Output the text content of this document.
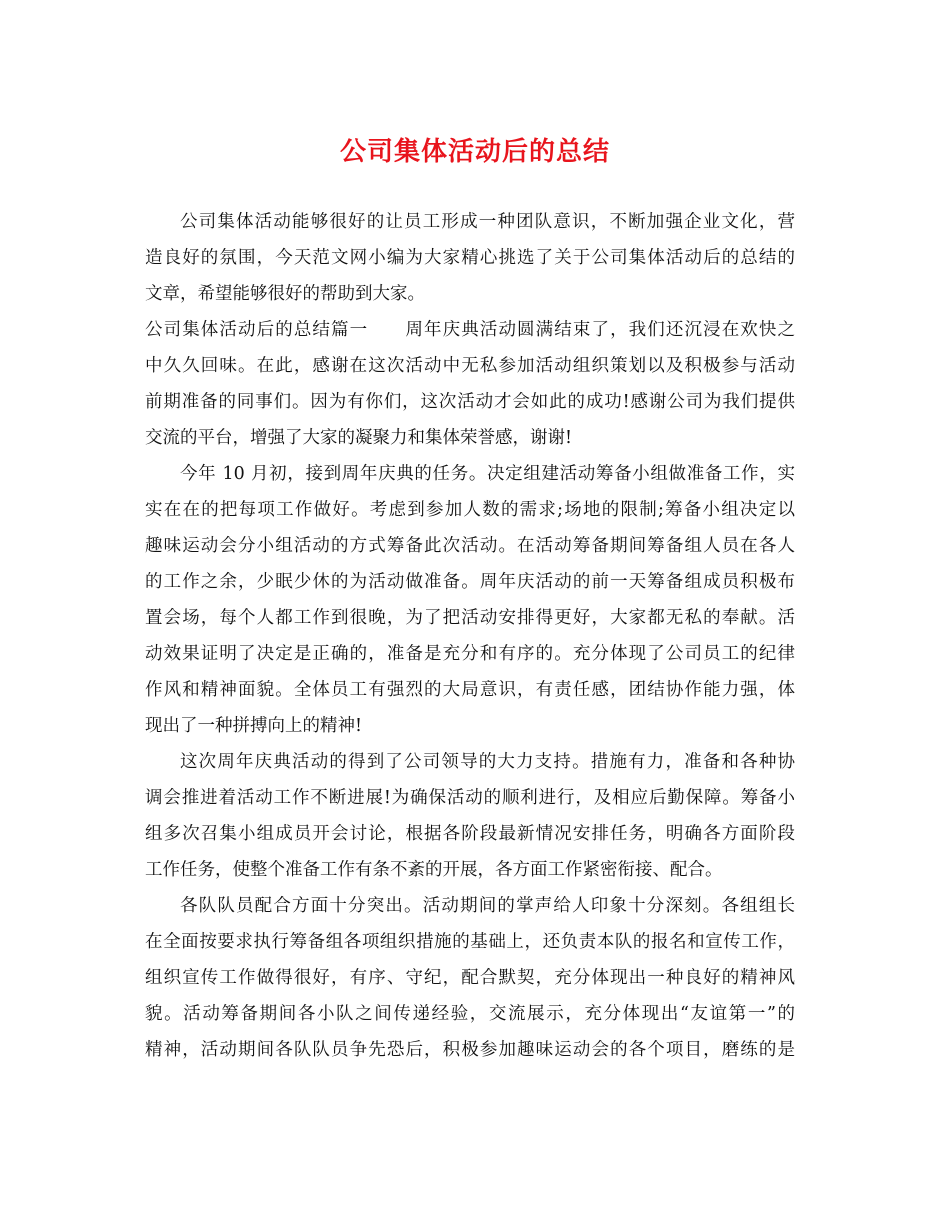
公司集体活动后的总结
公司集体活动能够很好的让员工形成一种团队意识，不断加强企业文化，营
造良好的氛围，今天范文网小编为大家精心挑选了关于公司集体活动后的总结的
文章，希望能够很好的帮助到大家。
公司集体活动后的总结篇一　　周年庆典活动圆满结束了，我们还沉浸在欢快之
中久久回味。在此，感谢在这次活动中无私参加活动组织策划以及积极参与活动
前期准备的同事们。因为有你们，这次活动才会如此的成功!感谢公司为我们提供
交流的平台，增强了大家的凝聚力和集体荣誉感，谢谢!
今年 10 月初，接到周年庆典的任务。决定组建活动筹备小组做准备工作，实
实在在的把每项工作做好。考虑到参加人数的需求;场地的限制;筹备小组决定以
趣味运动会分小组活动的方式筹备此次活动。在活动筹备期间筹备组人员在各人
的工作之余，少眠少休的为活动做准备。周年庆活动的前一天筹备组成员积极布
置会场，每个人都工作到很晚，为了把活动安排得更好，大家都无私的奉献。活
动效果证明了决定是正确的，准备是充分和有序的。充分体现了公司员工的纪律
作风和精神面貌。全体员工有强烈的大局意识，有责任感，团结协作能力强，体
现出了一种拼搏向上的精神!
这次周年庆典活动的得到了公司领导的大力支持。措施有力，准备和各种协
调会推进着活动工作不断进展!为确保活动的顺利进行，及相应后勤保障。筹备小
组多次召集小组成员开会讨论，根据各阶段最新情况安排任务，明确各方面阶段
工作任务，使整个准备工作有条不紊的开展，各方面工作紧密衔接、配合。
各队队员配合方面十分突出。活动期间的掌声给人印象十分深刻。各组组长
在全面按要求执行筹备组各项组织措施的基础上，还负责本队的报名和宣传工作，
组织宣传工作做得很好，有序、守纪，配合默契，充分体现出一种良好的精神风
貌。活动筹备期间各小队之间传递经验，交流展示，充分体现出“友谊第一”的
精神，活动期间各队队员争先恐后，积极参加趣味运动会的各个项目，磨练的是
